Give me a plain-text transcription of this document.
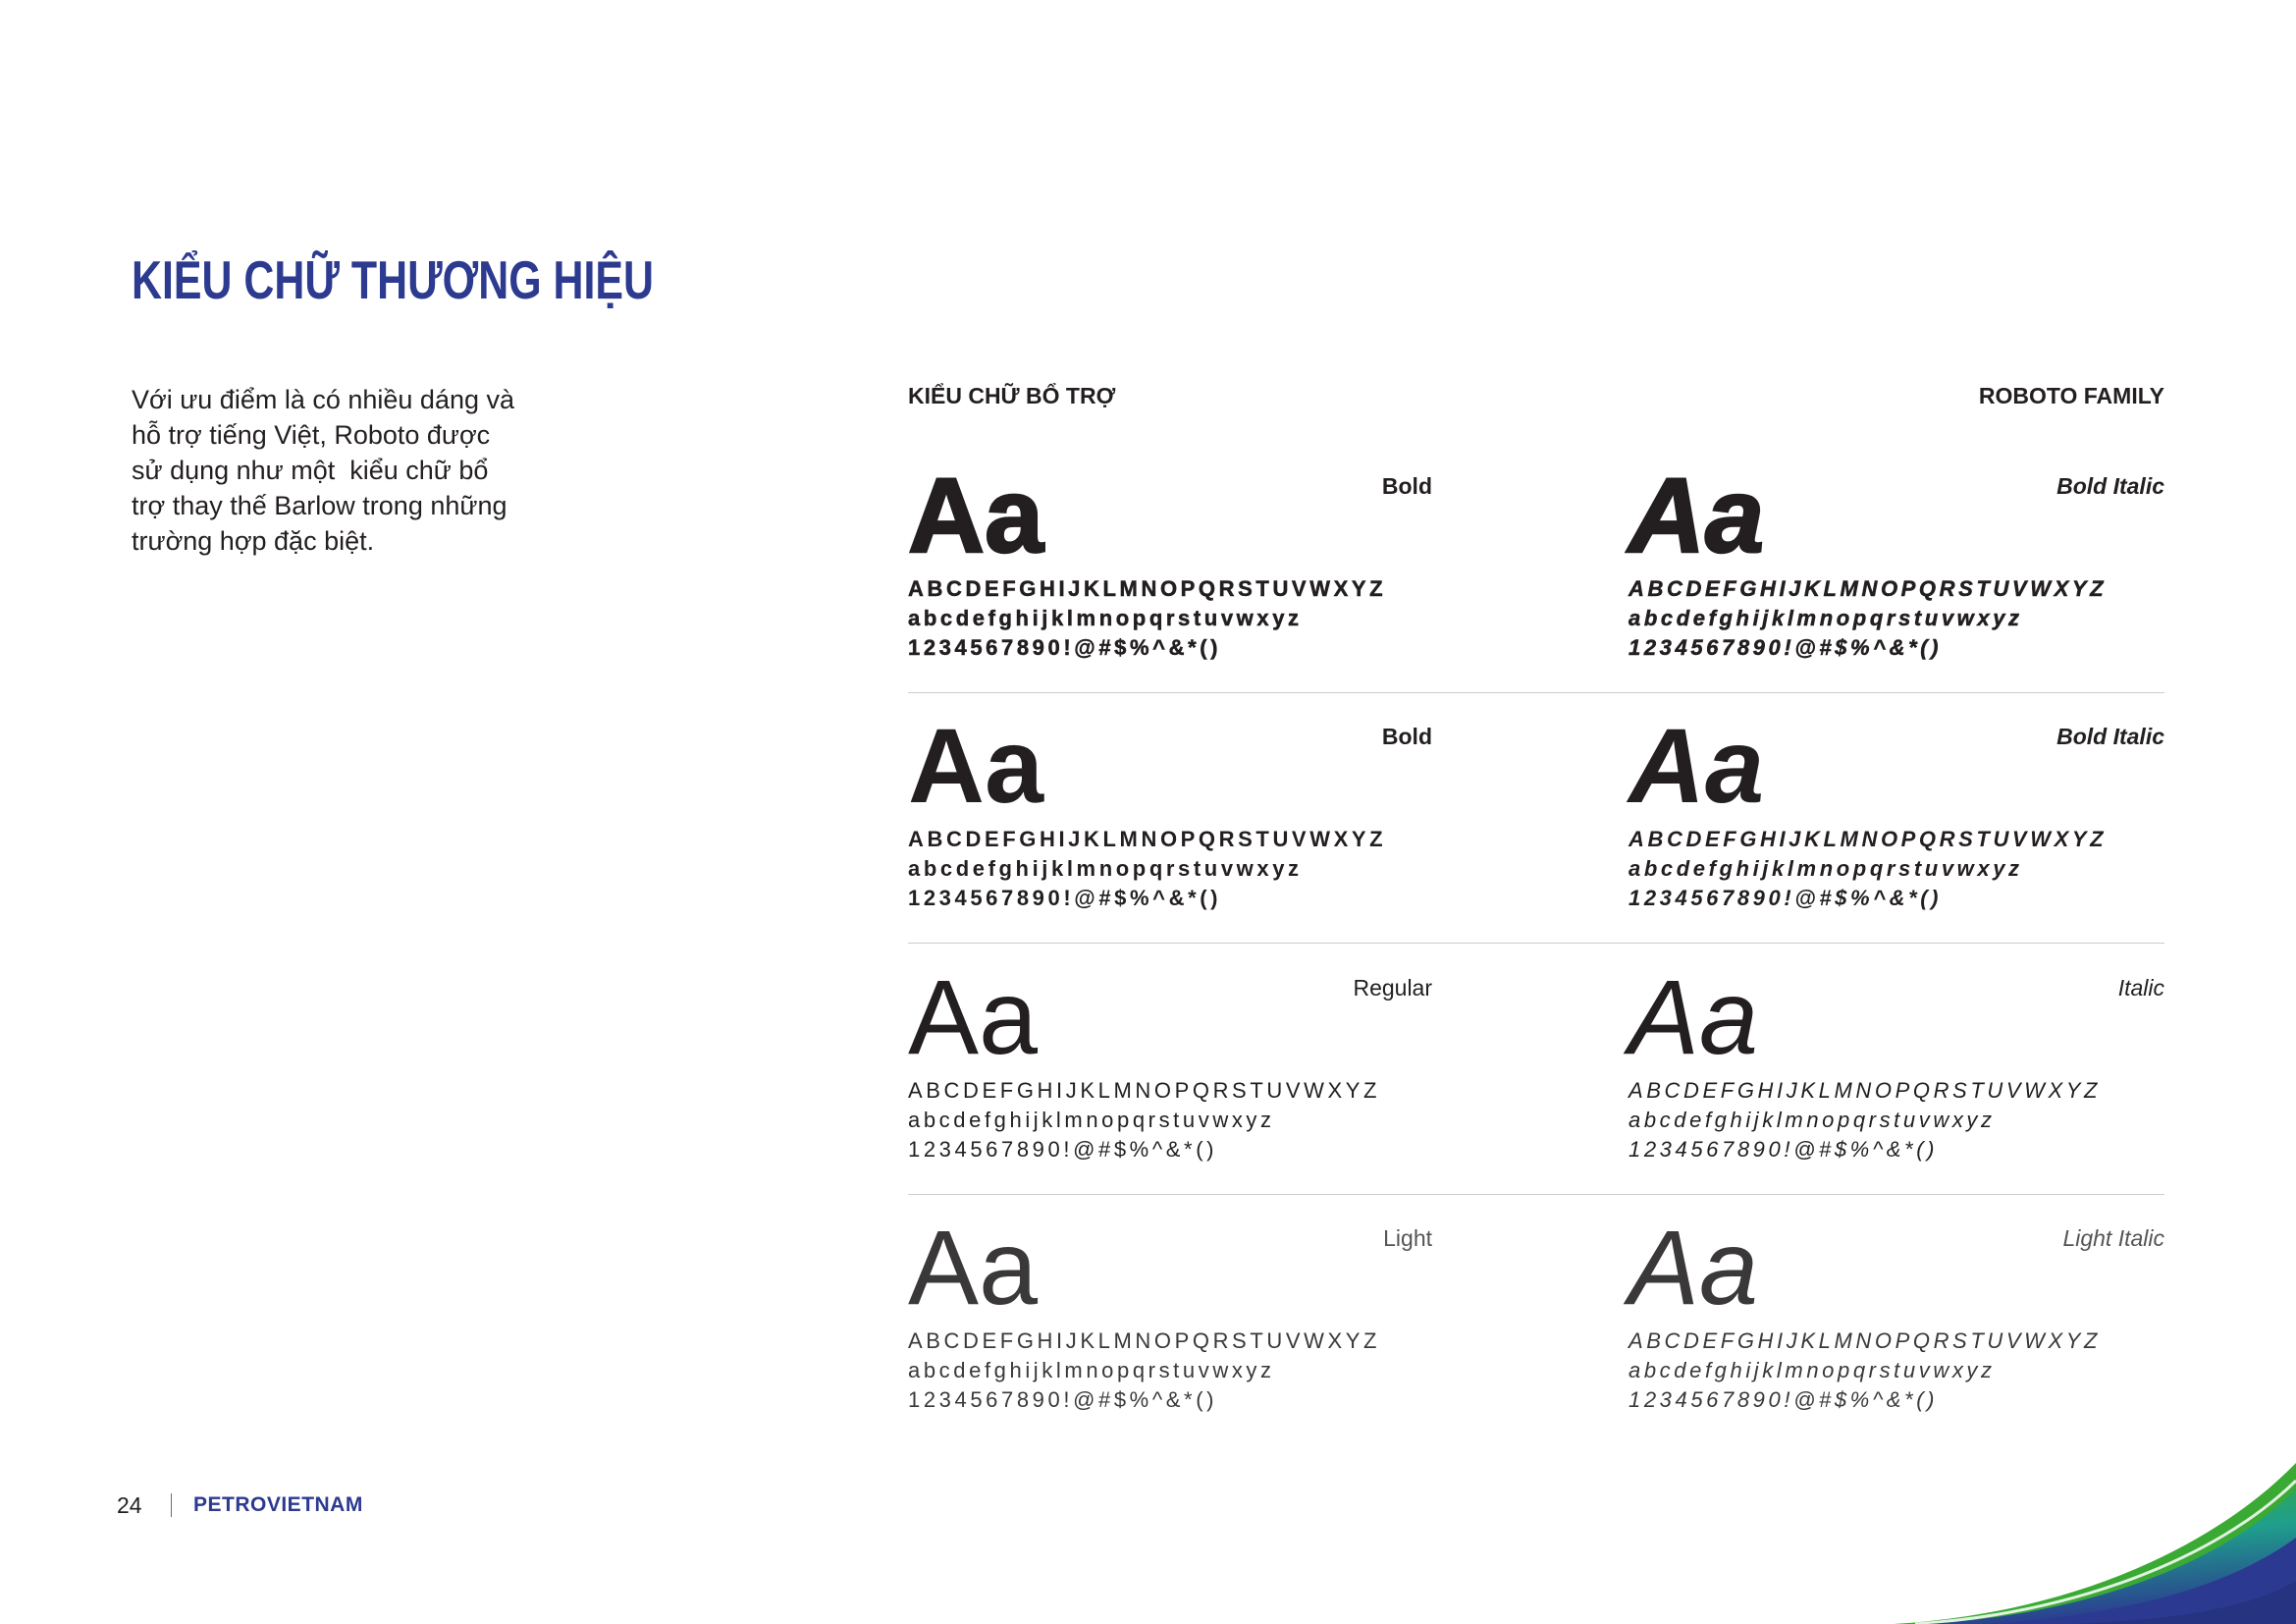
KIỂU CHỮ THƯƠNG HIỆU
Với ưu điểm là có nhiều dáng và
hỗ trợ tiếng Việt, Roboto được
sử dụng như một  kiểu chữ bổ
trợ thay thế Barlow trong những
trường hợp đặc biệt.
KIỂU CHỮ BỔ TRỢ	ROBOTO FAMILY
Aa	Bold
ABCDEFGHIJKLMNOPQRSTUVWXYZ
abcdefghijklmnopqrstuvwxyz
1234567890!@#$%^&*()
Aa	Bold Italic
ABCDEFGHIJKLMNOPQRSTUVWXYZ
abcdefghijklmnopqrstuvwxyz
1234567890!@#$%^&*()
Aa	Bold
ABCDEFGHIJKLMNOPQRSTUVWXYZ
abcdefghijklmnopqrstuvwxyz
1234567890!@#$%^&*()
Aa	Bold Italic
ABCDEFGHIJKLMNOPQRSTUVWXYZ
abcdefghijklmnopqrstuvwxyz
1234567890!@#$%^&*()
Aa	Regular
ABCDEFGHIJKLMNOPQRSTUVWXYZ
abcdefghijklmnopqrstuvwxyz
1234567890!@#$%^&*()
Aa	Italic
ABCDEFGHIJKLMNOPQRSTUVWXYZ
abcdefghijklmnopqrstuvwxyz
1234567890!@#$%^&*()
Aa	Light
ABCDEFGHIJKLMNOPQRSTUVWXYZ
abcdefghijklmnopqrstuvwxyz
1234567890!@#$%^&*()
Aa	Light Italic
ABCDEFGHIJKLMNOPQRSTUVWXYZ
abcdefghijklmnopqrstuvwxyz
1234567890!@#$%^&*()
24 PETROVIETNAM
